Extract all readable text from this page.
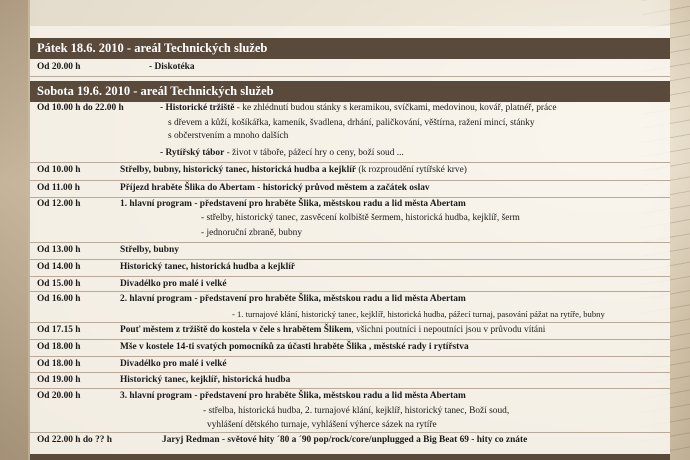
Pátek 18.6. 2010 - areál Technických služeb
Od 20.00 h	- Diskotéka
Sobota 19.6. 2010 - areál Technických služeb
Od 10.00 h do 22.00 h	- Historické tržiště - ke zhlédnutí budou stánky s keramikou, svíčkami, medovinou, kovář, platnéř, práce
s dřevem a kůží, košíkářka, kameník, švadlena, drhání, paličkování, věštírna, ražení mincí, stánky
s občerstvením a mnoho dalších
- Rytířský tábor - život v táboře, pážecí hry o ceny, boží soud ...
Od 10.00 h	Střelby, bubny, historický tanec, historická hudba a kejklíř (k rozproudění rytířské krve)
Od 11.00 h	Příjezd hraběte Šlika do Abertam - historický průvod městem a začátek oslav
Od 12.00 h	1. hlavní program - představení pro hraběte Šlika, městskou radu a lid města Abertam
- střelby, historický tanec, zasvěcení kolbiště šermem, historická hudba, kejklíř, šerm
- jednoruční zbraně, bubny
Od 13.00 h	Střelby, bubny
Od 14.00 h	Historický tanec, historická hudba a kejklíř
Od 15.00 h	Divadélko pro malé i velké
Od 16.00 h	2. hlavní program - představení pro hraběte Šlika, městskou radu a lid města Abertam
- 1. turnajové klání, historický tanec, kejklíř, historická hudba, pážecí turnaj, pasování pážat na rytíře, bubny
Od 17.15 h	Pouť městem z tržiště do kostela v čele s hrabětem Šlikem, všichni poutníci i nepoutníci jsou v průvodu vítáni
Od 18.00 h	Mše v kostele 14-ti svatých pomocníků za účasti hraběte Šlika , městské rady i rytířstva
Od 18.00 h	Divadélko pro malé i velké
Od 19.00 h	Historický tanec, kejklíř, historická hudba
Od 20.00 h	3. hlavní program - představení pro hraběte Šlika, městskou radu a lid města Abertam
- střelba, historická hudba, 2. turnajové klání, kejklíř, historický tanec, Boží soud,
vyhlášení dětského turnaje, vyhlášení výherce sázek na rytíře
Od 22.00 h do ?? h	Jaryj Redman - světové hity ´80 a ´90 pop/rock/core/unplugged a Big Beat 69 - hity co znáte
